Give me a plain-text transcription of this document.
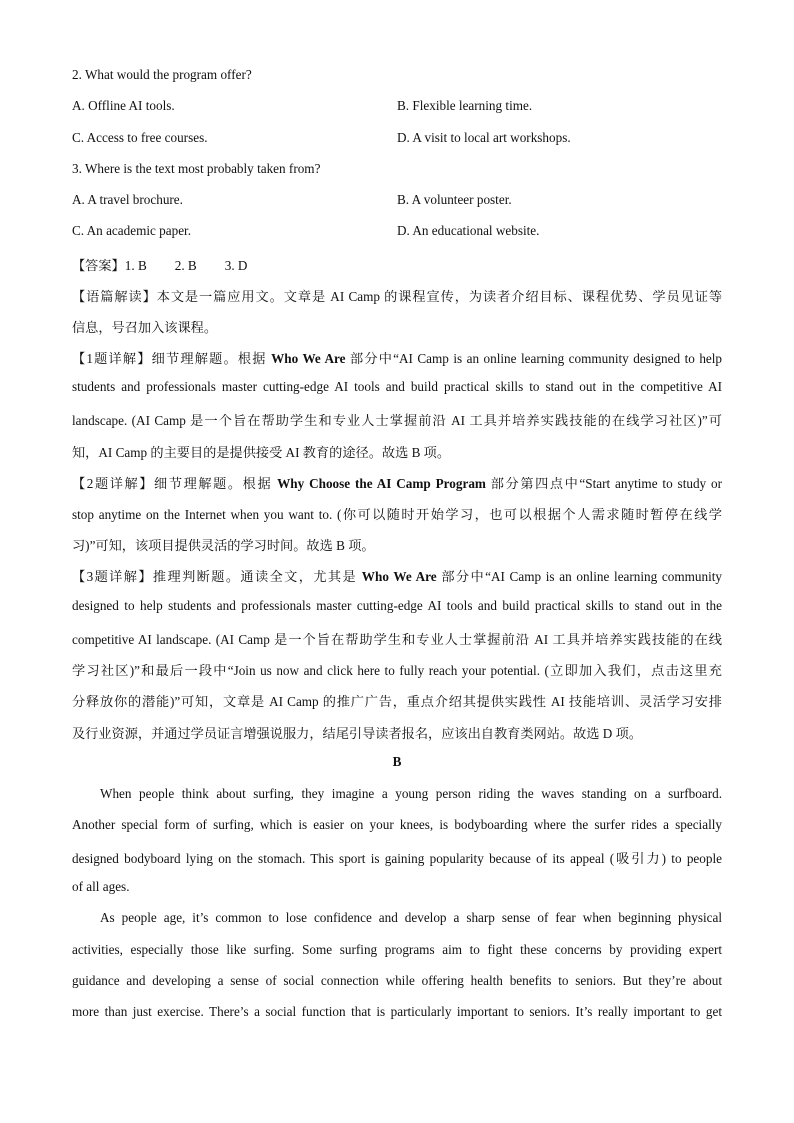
2. What would the program offer?
A. Offline AI tools.	B. Flexible learning time.
C. Access to free courses.	D. A visit to local art workshops.
3. Where is the text most probably taken from?
A. A travel brochure.	B. A volunteer poster.
C. An academic paper.	D. An educational website.
【答案】1. B 2. B 3. D
【语篇解读】本文是一篇应用文。文章是 AI Camp 的课程宣传，为读者介绍目标、课程优势、学员见证等
信息，号召加入该课程。
【1题详解】细节理解题。根据 Who We Are 部分中“AI Camp is an online learning community designed to help
students and professionals master cutting-edge AI tools and build practical skills to stand out in the competitive AI
landscape. (AI Camp 是一个旨在帮助学生和专业人士掌握前沿 AI 工具并培养实践技能的在线学习社区)”可
知，AI Camp 的主要目的是提供接受 AI 教育的途径。故选 B 项。
【2题详解】细节理解题。根据 Why Choose the AI Camp Program 部分第四点中“Start anytime to study or
stop anytime on the Internet when you want to. (你可以随时开始学习，也可以根据个人需求随时暂停在线学
习)”可知，该项目提供灵活的学习时间。故选 B 项。
【3题详解】推理判断题。通读全文，尤其是 Who We Are 部分中“AI Camp is an online learning community
designed to help students and professionals master cutting-edge AI tools and build practical skills to stand out in the
competitive AI landscape. (AI Camp 是一个旨在帮助学生和专业人士掌握前沿 AI 工具并培养实践技能的在线
学习社区)”和最后一段中“Join us now and click here to fully reach your potential. (立即加入我们，点击这里充
分释放你的潜能)”可知，文章是 AI Camp 的推广广告，重点介绍其提供实践性 AI 技能培训、灵活学习安排
及行业资源，并通过学员证言增强说服力，结尾引导读者报名，应该出自教育类网站。故选 D 项。
B
When people think about surfing, they imagine a young person riding the waves standing on a surfboard.
Another special form of surfing, which is easier on your knees, is bodyboarding where the surfer rides a specially
designed bodyboard lying on the stomach. This sport is gaining popularity because of its appeal (吸引力) to people
of all ages.
As people age, it’s common to lose confidence and develop a sharp sense of fear when beginning physical
activities, especially those like surfing. Some surfing programs aim to fight these concerns by providing expert
guidance and developing a sense of social connection while offering health benefits to seniors. But they’re about
more than just exercise. There’s a social function that is particularly important to seniors. It’s really important to get
